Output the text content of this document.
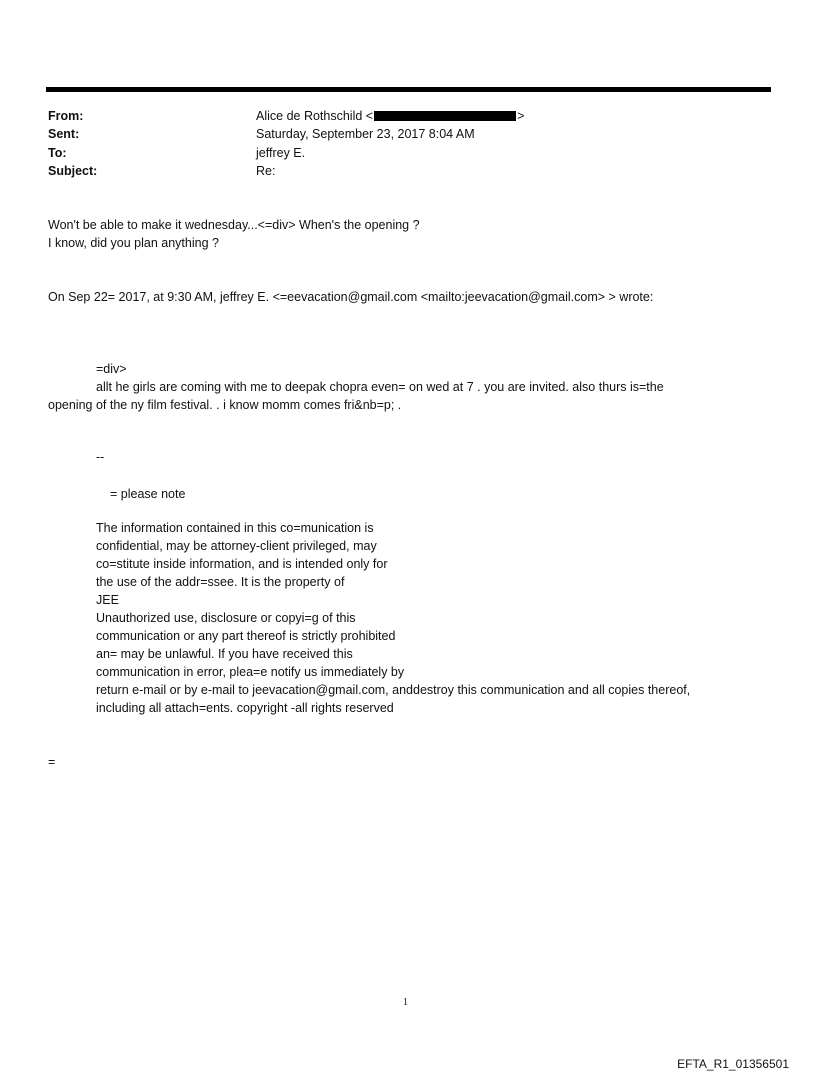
From:	Alice de Rothschild <	>
Sent:	Saturday, September 23, 2017 8:04 AM
To:	jeffrey E.
Subject:	Re:
Won't be able to make it wednesday...<=div> When's the opening ?
I know, did you plan anything ?
On Sep 22= 2017, at 9:30 AM, jeffrey E. <=eevacation@gmail.com <mailto:jeevacation@gmail.com> > wrote:
=div>
allt he girls are coming with me to deepak chopra even= on wed at 7 . you are invited. also thurs is=the
opening of the ny film festival. . i know momm comes fri&nb=p; .
--
= please note
The information contained in this co=munication is
confidential, may be attorney-client privileged, may
co=stitute inside information, and is intended only for
the use of the addr=ssee. It is the property of
JEE
Unauthorized use, disclosure or copyi=g of this
communication or any part thereof is strictly prohibited
an= may be unlawful. If you have received this
communication in error, plea=e notify us immediately by
return e-mail or by e-mail to jeevacation@gmail.com, anddestroy this communication and all copies thereof,
including all attach=ents. copyright -all rights reserved
=
1
EFTA_R1_01356501
